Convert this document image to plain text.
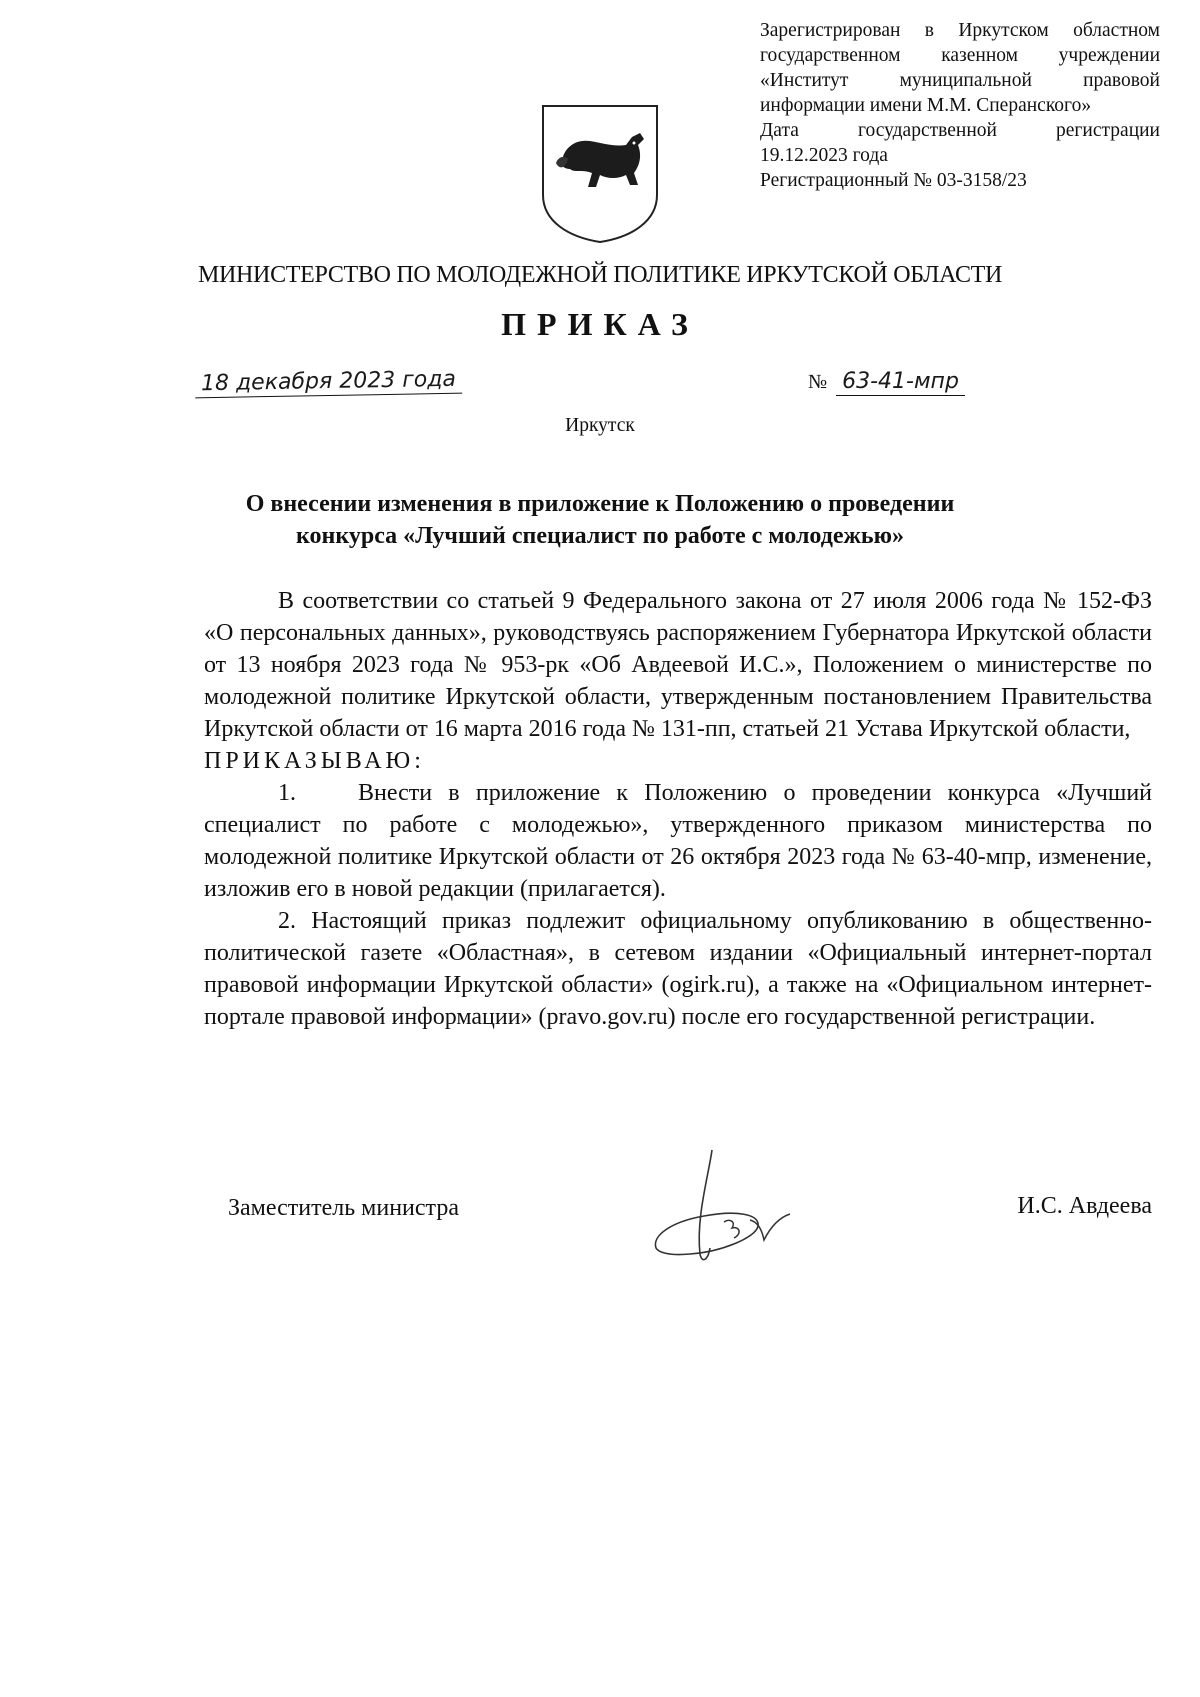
Зарегистрирован в Иркутском областном
государственном казенном учреждении
«Институт муниципальной правовой
информации имени М.М. Сперанского»
Дата государственной регистрации
19.12.2023 года
Регистрационный № 03-3158/23
МИНИСТЕРСТВО ПО МОЛОДЕЖНОЙ ПОЛИТИКЕ ИРКУТСКОЙ ОБЛАСТИ
ПРИКАЗ
18 декабря 2023 года	№ 63-41-мпр
Иркутск
О внесении изменения в приложение к Положению о проведении
конкурса «Лучший специалист по работе с молодежью»

В соответствии со статьей 9 Федерального закона от 27 июля 2006 года № 152-ФЗ «О персональных данных», руководствуясь распоряжением Губернатора Иркутской области от 13 ноября 2023 года № 953-рк «Об Авдеевой И.С.», Положением о министерстве по молодежной политике Иркутской области, утвержденным постановлением Правительства Иркутской области от 16 марта 2016 года № 131-пп, статьей 21 Устава Иркутской области,

ПРИКАЗЫВАЮ:

1.	Внести в приложение к Положению о проведении конкурса «Лучший специалист по работе с молодежью», утвержденного приказом министерства по молодежной политике Иркутской области от 26 октября 2023 года № 63-40-мпр, изменение, изложив его в новой редакции (прилагается).

2. Настоящий приказ подлежит официальному опубликованию в общественно-политической газете «Областная», в сетевом издании «Официальный интернет-портал правовой информации Иркутской области» (ogirk.ru), а также на «Официальном интернет-портале правовой информации» (pravo.gov.ru) после его государственной регистрации.

Заместитель министра	И.С. Авдеева
